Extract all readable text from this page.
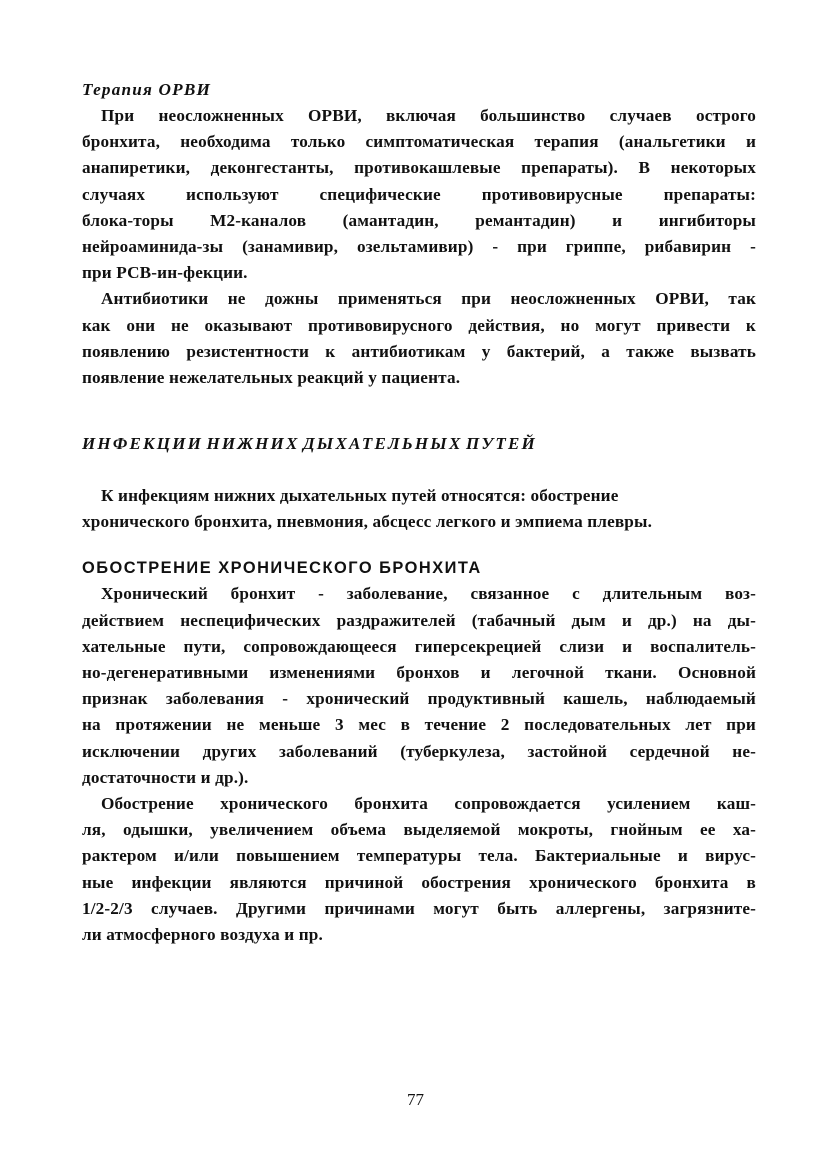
Терапия ОРВИ
При неосложненных ОРВИ, включая большинство случаев острого
бронхита, необходима только симптоматическая терапия (анальгетики и
анапиретики, деконгестанты, противокашлевые препараты). В некоторых
случаях используют специфические противовирусные препараты:
блока-торы М2-каналов (амантадин, ремантадин) и ингибиторы
нейроаминида-зы (занамивир, озельтамивир) - при гриппе, рибавирин -
при РСВ-ин-фекции.
Антибиотики не дожны применяться при неосложненных ОРВИ, так
как они не оказывают противовирусного действия, но могут привести к
появлению резистентности к антибиотикам у бактерий, а также вызвать
появление нежелательных реакций у пациента.
ИНФЕКЦИИ НИЖНИХ ДЫХАТЕЛЬНЫХ ПУТЕЙ
К инфекциям нижних дыхательных путей относятся: обострение
хронического бронхита, пневмония, абсцесс легкого и эмпиема плевры.
ОБОСТРЕНИЕ ХРОНИЧЕСКОГО БРОНХИТА
Хронический бронхит - заболевание, связанное с длительным воз-
действием неспецифических раздражителей (табачный дым и др.) на ды-
хательные пути, сопровождающееся гиперсекрецией слизи и воспалитель-
но-дегенеративными изменениями бронхов и легочной ткани. Основной
признак заболевания - хронический продуктивный кашель, наблюдаемый
на протяжении не меньше 3 мес в течение 2 последовательных лет при
исключении других заболеваний (туберкулеза, застойной сердечной не-
достаточности и др.).
Обострение хронического бронхита сопровождается усилением каш-
ля, одышки, увеличением объема выделяемой мокроты, гнойным ее ха-
рактером и/или повышением температуры тела. Бактериальные и вирус-
ные инфекции являются причиной обострения хронического бронхита в
1/2-2/3 случаев. Другими причинами могут быть аллергены, загрязните-
ли атмосферного воздуха и пр.
77
